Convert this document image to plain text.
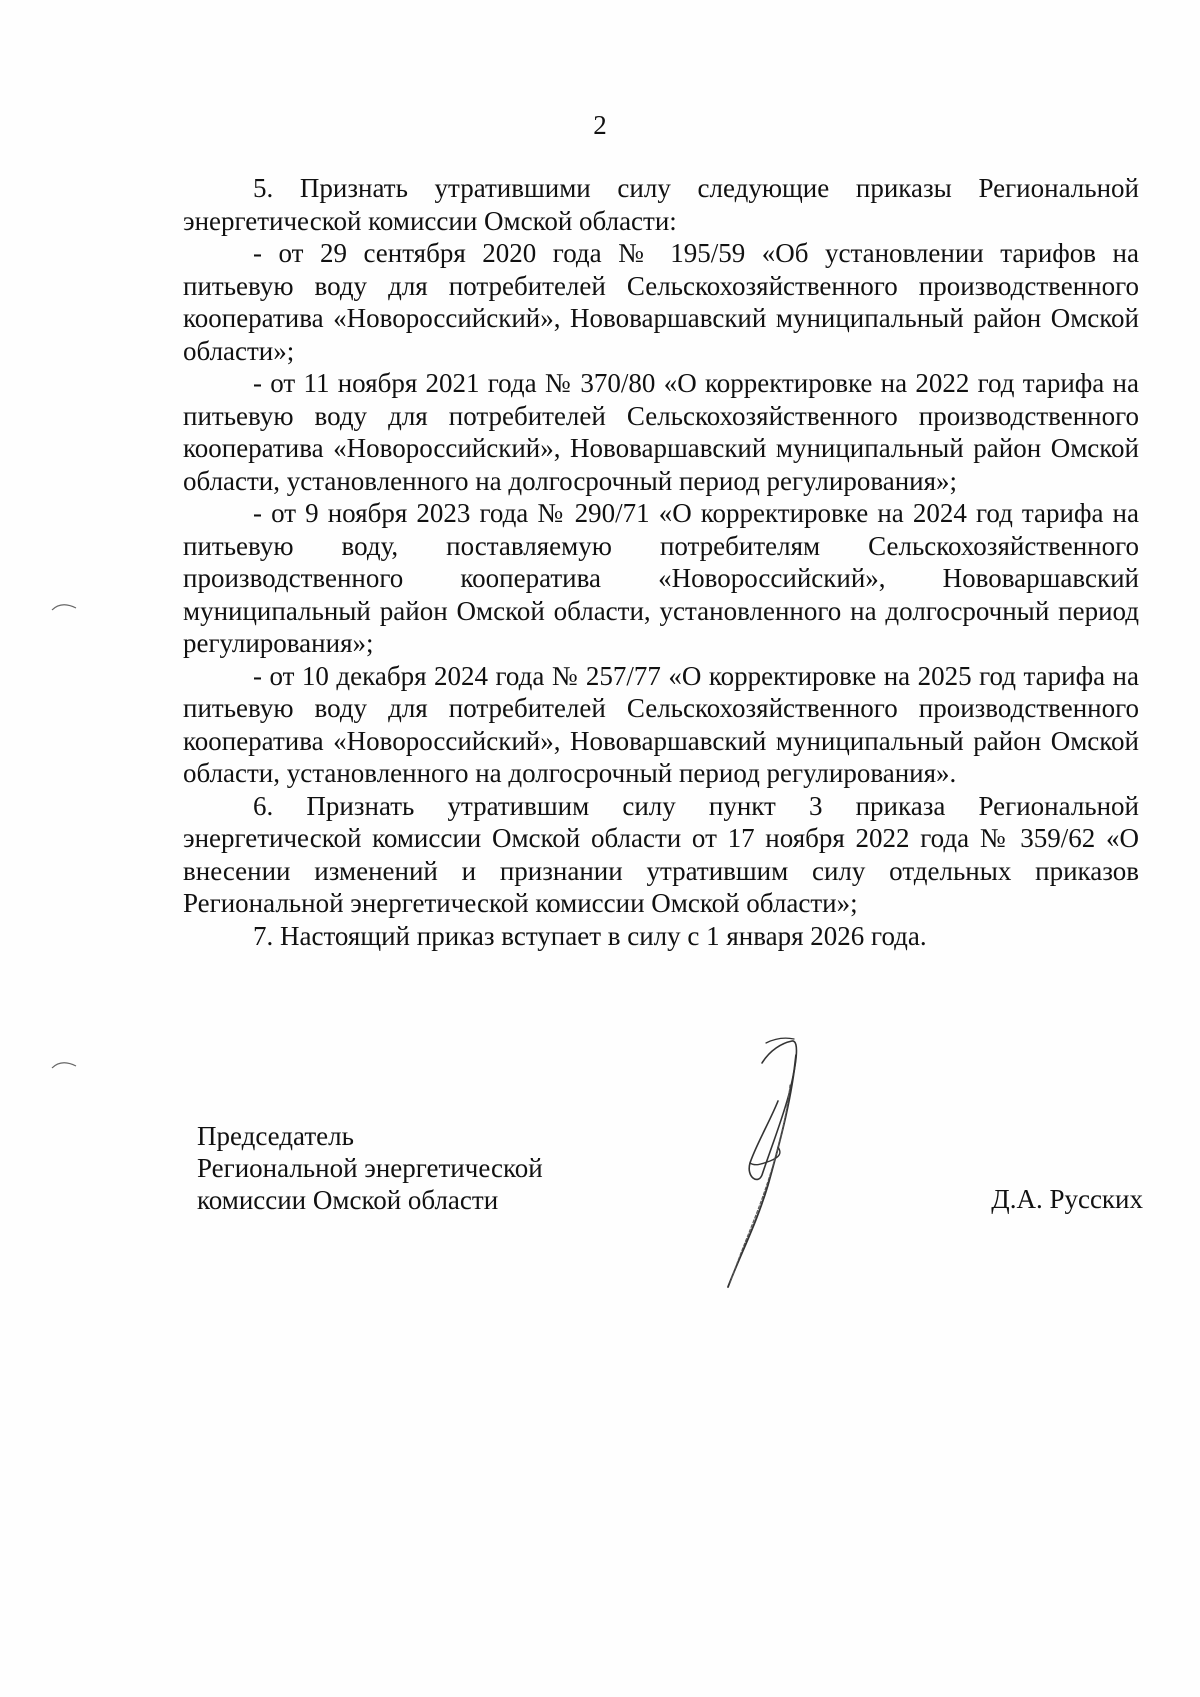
2

5. Признать утратившими силу следующие приказы Региональной энергетической комиссии Омской области:

- от 29 сентября 2020 года № 195/59 «Об установлении тарифов на питьевую воду для потребителей Сельскохозяйственного производственного кооператива «Новороссийский», Нововаршавский муниципальный район Омской области»;

- от 11 ноября 2021 года № 370/80 «О корректировке на 2022 год тарифа на питьевую воду для потребителей Сельскохозяйственного производственного кооператива «Новороссийский», Нововаршавский муниципальный район Омской области, установленного на долгосрочный период регулирования»;

- от 9 ноября 2023 года № 290/71 «О корректировке на 2024 год тарифа на питьевую воду, поставляемую потребителям Сельскохозяйственного производственного кооператива «Новороссийский», Нововаршавский муниципальный район Омской области, установленного на долгосрочный период регулирования»;

- от 10 декабря 2024 года № 257/77 «О корректировке на 2025 год тарифа на питьевую воду для потребителей Сельскохозяйственного производственного кооператива «Новороссийский», Нововаршавский муниципальный район Омской области, установленного на долгосрочный период регулирования».

6. Признать утратившим силу пункт 3 приказа Региональной энергетической комиссии Омской области от 17 ноября 2022 года № 359/62 «О внесении изменений и признании утратившим силу отдельных приказов Региональной энергетической комиссии Омской области»;

7. Настоящий приказ вступает в силу с 1 января 2026 года.

Председатель
Региональной энергетической
комиссии Омской области	Д.А. Русских
